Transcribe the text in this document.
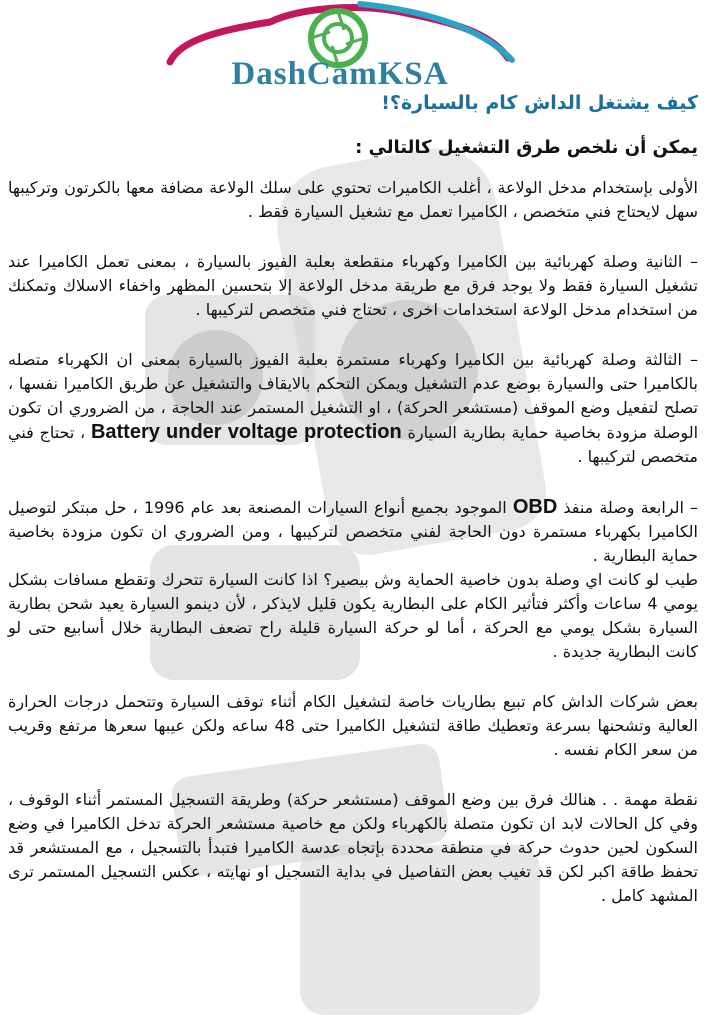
DashCamKSA
كيف يشتغل الداش كام بالسيارة؟!
يمكن أن نلخص طرق التشغيل كالتالي :
الأولى بإستخدام مدخل الولاعة ، أغلب الكاميرات تحتوي على سلك الولاعة مضافة معها بالكرتون وتركيبها سهل لايحتاج فني متخصص ، الكاميرا تعمل مع تشغيل السيارة فقط .
– الثانية وصلة كهربائية بين الكاميرا وكهرباء منقطعة بعلبة الفيوز بالسيارة ، بمعنى تعمل الكاميرا عند تشغيل السيارة فقط ولا يوجد فرق مع طريقة مدخل الولاعة إلا بتحسين المظهر واخفاء الاسلاك وتمكنك من استخدام مدخل الولاعة استخدامات اخرى ، تحتاج فني متخصص لتركيبها .
– الثالثة وصلة كهربائية بين الكاميرا وكهرباء مستمرة بعلبة الفيوز بالسيارة بمعنى ان الكهرباء متصله بالكاميرا حتى والسيارة بوضع عدم التشغيل ويمكن التحكم بالايقاف والتشغيل عن طريق الكاميرا نفسها ، تصلح لتفعيل وضع الموقف (مستشعر الحركة) ، او التشغيل المستمر عند الحاجة ، من الضروري ان تكون الوصلة مزودة بخاصية حماية بطارية السيارة Battery under voltage protection ، تحتاج فني متخصص لتركيبها .
– الرابعة وصلة منفذ OBD الموجود بجميع أنواع السيارات المصنعة بعد عام 1996 ، حل مبتكر لتوصيل الكاميرا بكهرباء مستمرة دون الحاجة لفني متخصص لتركيبها ، ومن الضروري ان تكون مزودة بخاصية حماية البطارية .
طيب لو كانت اي وصلة بدون خاصية الحماية وش بيصير؟ اذا كانت السيارة تتحرك وتقطع مسافات بشكل يومي 4 ساعات وأكثر فتأثير الكام على البطارية يكون قليل لايذكر ، لأن دينمو السيارة يعيد شحن بطارية السيارة بشكل يومي مع الحركة ، أما لو حركة السيارة قليلة راح تضعف البطارية خلال أسابيع حتى لو كانت البطارية جديدة .
بعض شركات الداش كام تبيع بطاريات خاصة لتشغيل الكام أثناء توقف السيارة وتتحمل درجات الحرارة العالية وتشحنها بسرعة وتعطيك طاقة لتشغيل الكاميرا حتى 48 ساعه ولكن عيبها سعرها مرتفع وقريب من سعر الكام نفسه .
نقطة مهمة . . هنالك فرق بين وضع الموقف (مستشعر حركة) وطريقة التسجيل المستمر أثناء الوقوف ، وفي كل الحالات لابد ان تكون متصلة بالكهرباء ولكن مع خاصية مستشعر الحركة تدخل الكاميرا في وضع السكون لحين حدوث حركة في منطقة محددة بإتجاه عدسة الكاميرا فتبدأ بالتسجيل ، مع المستشعر قد تحفظ طاقة اكبر لكن قد تغيب بعض التفاصيل في بداية التسجيل او نهايته ، عكس التسجيل المستمر ترى المشهد كامل .
